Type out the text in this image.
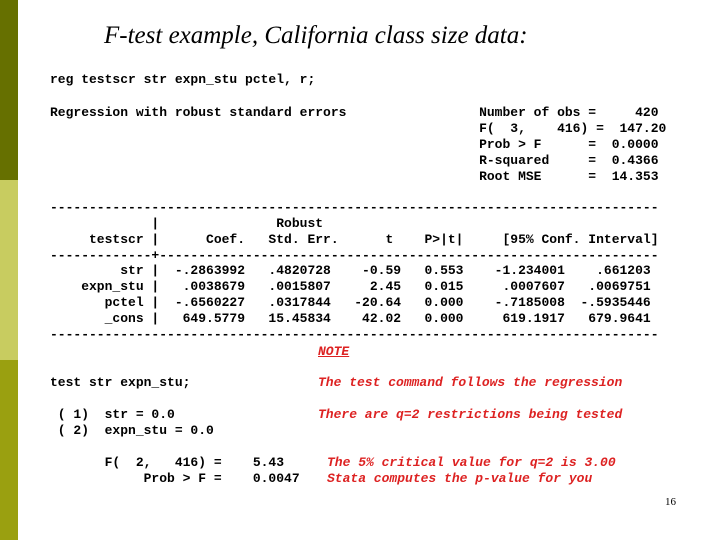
F-test example, California class size data:
reg testscr str expn_stu pctel, r;
Regression with robust standard errors                 Number of obs =     420
F(  3,    416) =  147.20
Prob > F      =  0.0000
R-squared     =  0.4366
Root MSE      =  14.353
------------------------------------------------------------------------------
|               Robust
testscr |      Coef.   Std. Err.      t    P>|t|     [95% Conf. Interval]
-------------+----------------------------------------------------------------
str |  -.2863992   .4820728    -0.59   0.553    -1.234001    .661203
expn_stu |   .0038679   .0015807     2.45   0.015     .0007607   .0069751
pctel |  -.6560227   .0317844   -20.64   0.000    -.7185008  -.5935446
_cons |   649.5779   15.45834    42.02   0.000     619.1917   679.9641
------------------------------------------------------------------------------
NOTE
test str expn_stu;	The test command follows the regression
( 1)  str = 0.0	There are q=2 restrictions being tested
( 2)  expn_stu = 0.0
F(  2,   416) =    5.43	The 5% critical value for q=2 is 3.00
Prob > F =    0.0047 Stata computes the p-value for you
16
